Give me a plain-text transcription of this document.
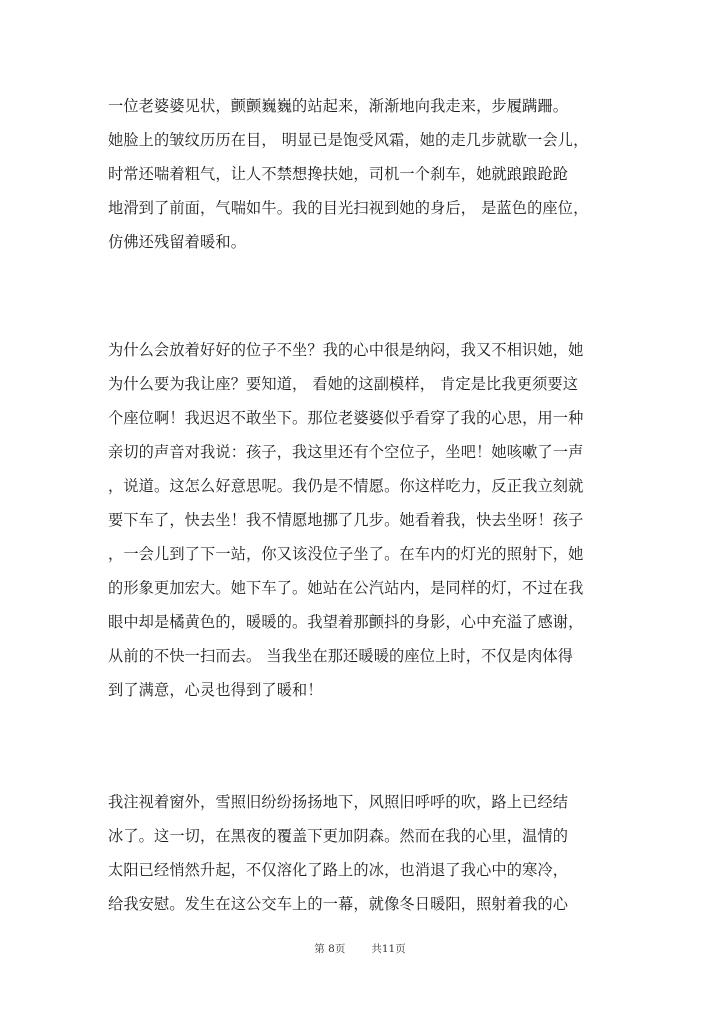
一位老婆婆见状，颤颤巍巍的站起来，渐渐地向我走来，步履蹒跚。
她脸上的皱纹历历在目， 明显已是饱受风霜，她的走几步就歇一会儿，
时常还喘着粗气，让人不禁想搀扶她，司机一个刹车，她就踉踉跄跄
地滑到了前面，气喘如牛。我的目光扫视到她的身后， 是蓝色的座位，
仿佛还残留着暖和。
为什么会放着好好的位子不坐？我的心中很是纳闷，我又不相识她，她
为什么要为我让座？要知道， 看她的这副模样， 肯定是比我更须要这
个座位啊！我迟迟不敢坐下。那位老婆婆似乎看穿了我的心思，用一种
亲切的声音对我说：孩子，我这里还有个空位子，坐吧！她咳嗽了一声
，说道。这怎么好意思呢。我仍是不情愿。你这样吃力，反正我立刻就
要下车了，快去坐！我不情愿地挪了几步。她看着我，快去坐呀！孩子
，一会儿到了下一站，你又该没位子坐了。在车内的灯光的照射下，她
的形象更加宏大。她下车了。她站在公汽站内，是同样的灯，不过在我
眼中却是橘黄色的，暖暖的。我望着那颤抖的身影，心中充溢了感谢，
从前的不快一扫而去。 当我坐在那还暖暖的座位上时，不仅是肉体得
到了满意，心灵也得到了暖和！
我注视着窗外，雪照旧纷纷扬扬地下，风照旧呼呼的吹，路上已经结
冰了。这一切，在黑夜的覆盖下更加阴森。然而在我的心里，温情的
太阳已经悄然升起，不仅溶化了路上的冰，也消退了我心中的寒冷，
给我安慰。发生在这公交车上的一幕，就像冬日暖阳，照射着我的心
第 8页 共11页
